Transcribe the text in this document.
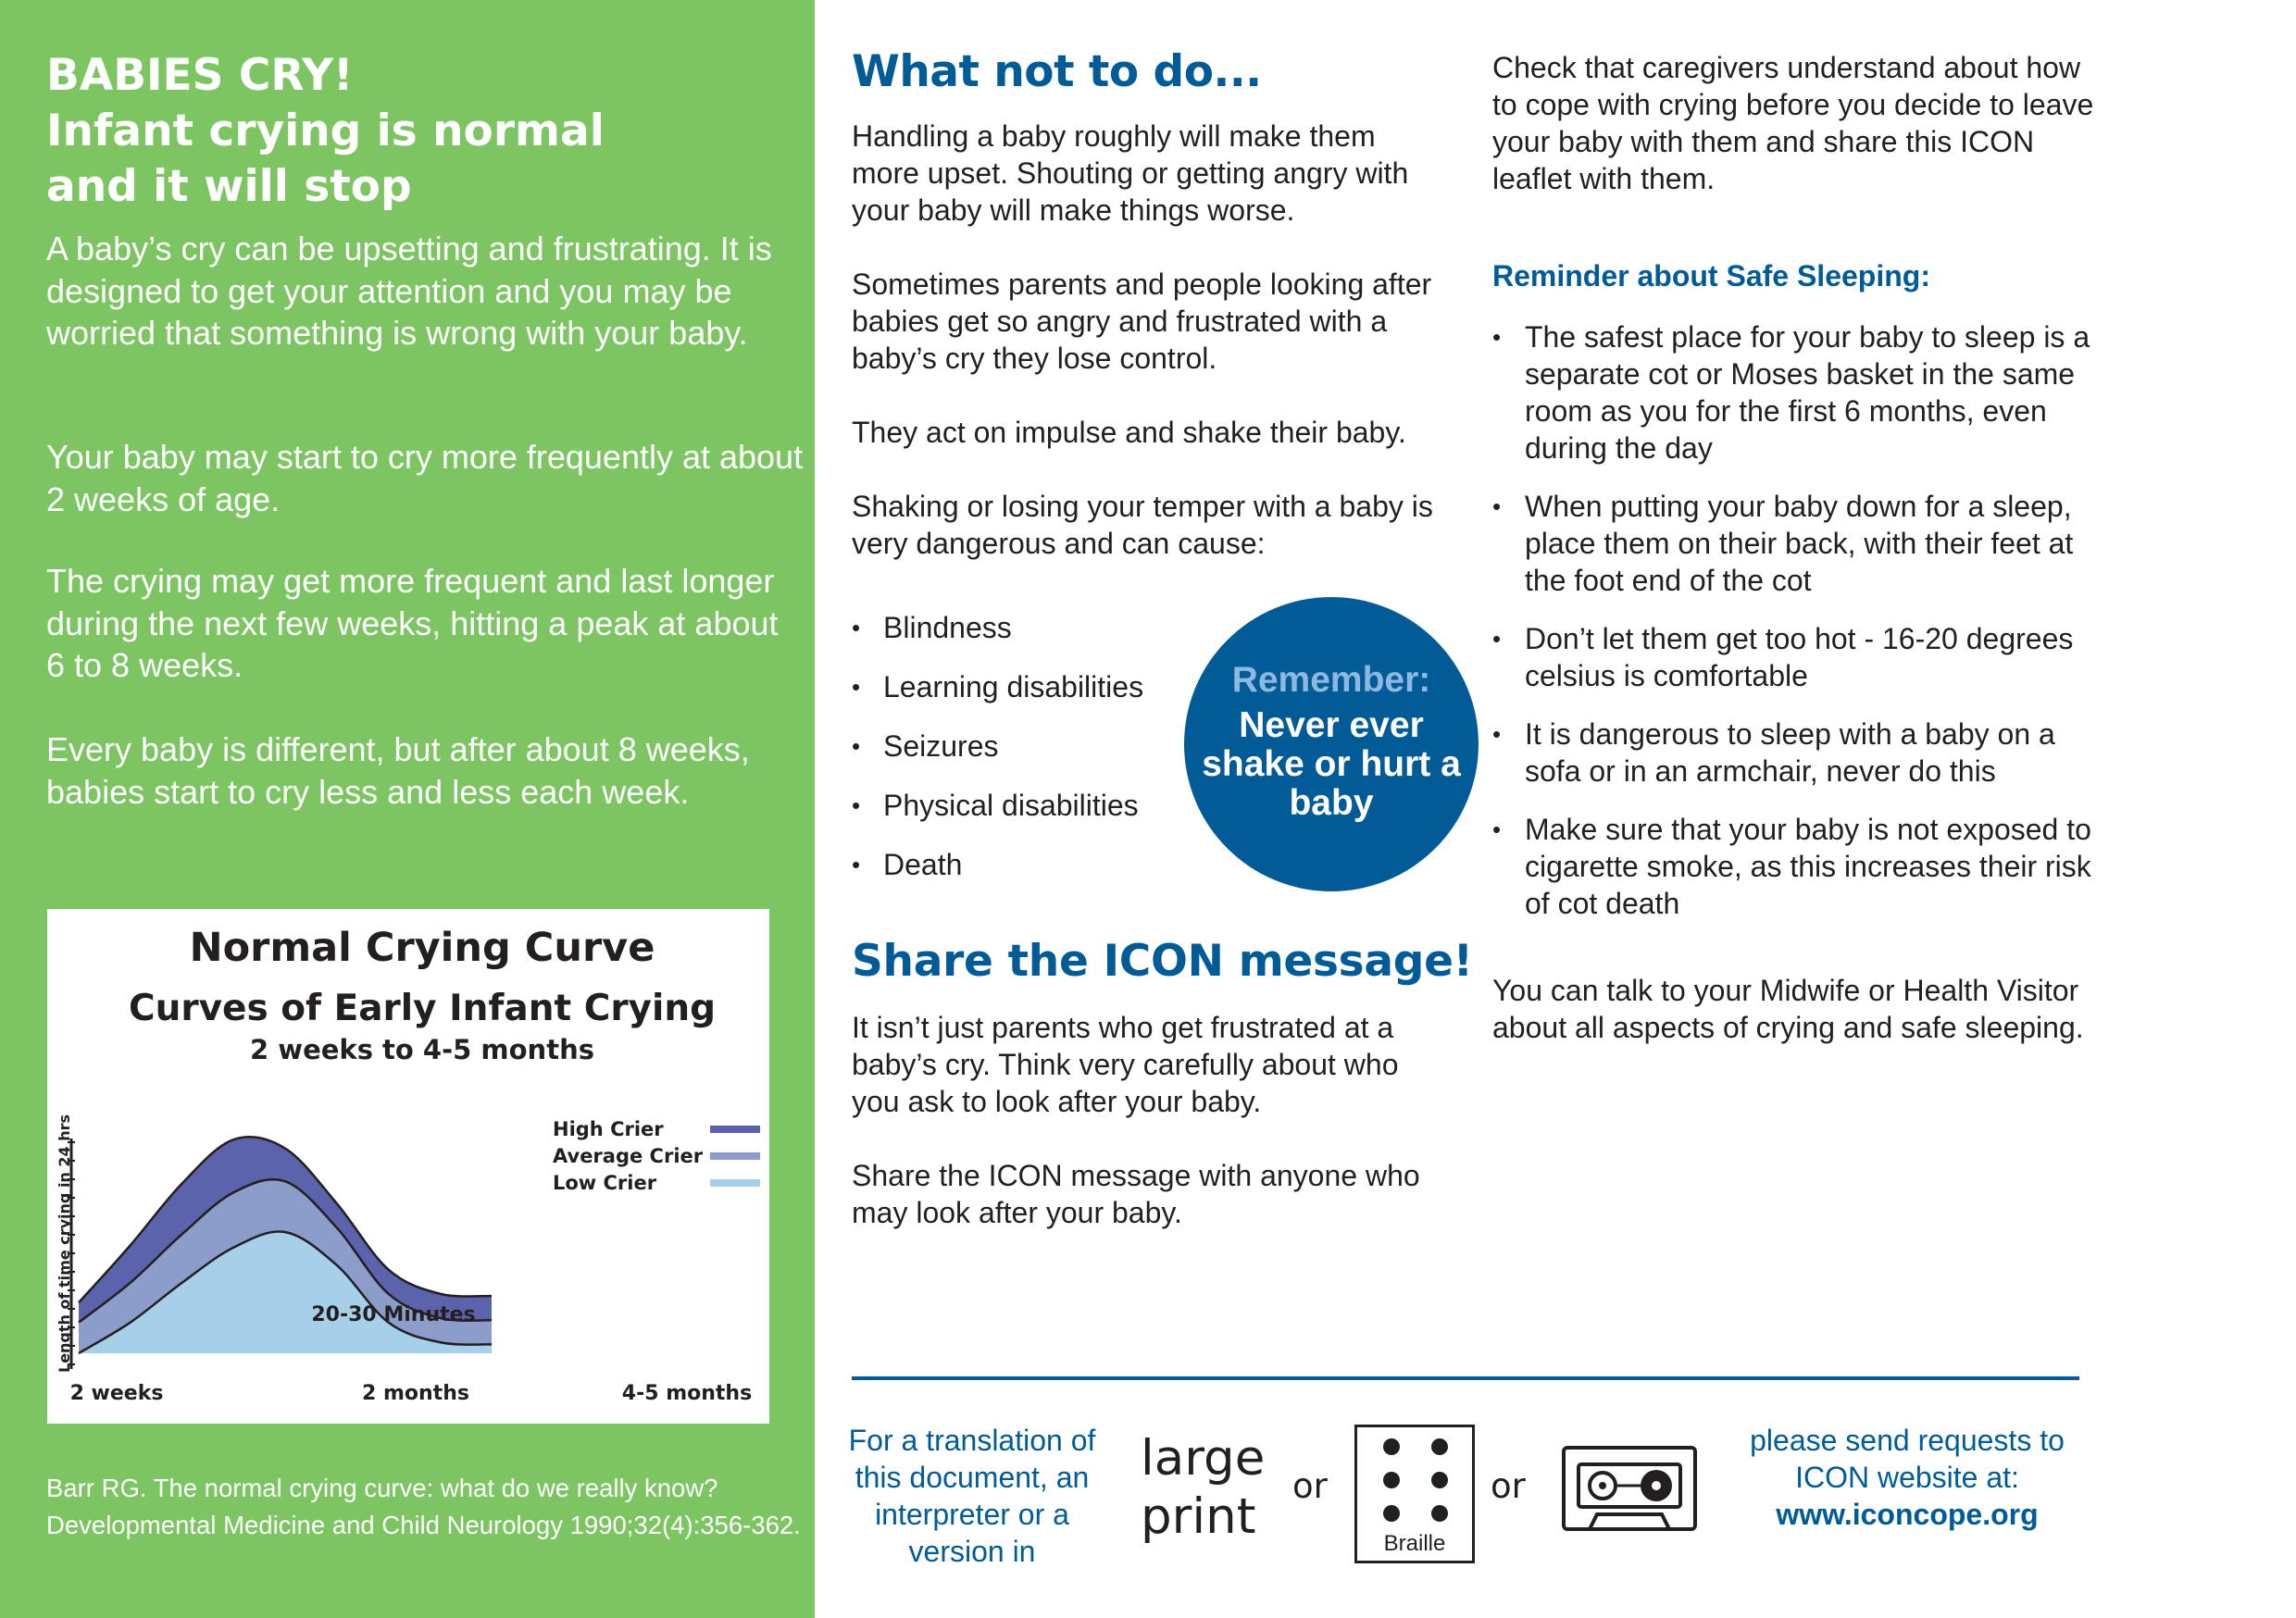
BABIES CRY!
Infant crying is normal
and it will stop

A baby’s cry can be upsetting and frustrating. It is designed to get your attention and you may be worried that something is wrong with your baby.

Your baby may start to cry more frequently at about 2 weeks of age.

The crying may get more frequent and last longer during the next few weeks, hitting a peak at about 6 to 8 weeks.

Every baby is different, but after about 8 weeks, babies start to cry less and less each week.

Normal Crying Curve
Curves of Early Infant Crying
2 weeks to 4-5 months
Length of time crying in 24 hrs
2 weeks	2 months	4-5 months
5-6 Hours
20-30 Minutes
High Crier
Average Crier
Low Crier

Barr RG. The normal crying curve: what do we really know? Developmental Medicine and Child Neurology 1990;32(4):356-362.

What not to do...

Handling a baby roughly will make them more upset. Shouting or getting angry with your baby will make things worse.

Sometimes parents and people looking after babies get so angry and frustrated with a baby’s cry they lose control.

They act on impulse and shake their baby.

Shaking or losing your temper with a baby is very dangerous and can cause:

• Blindness
• Learning disabilities
• Seizures
• Physical disabilities
• Death
Remember:
Never ever shake or hurt a baby
Share the ICON message!

It isn’t just parents who get frustrated at a baby’s cry. Think very carefully about who you ask to look after your baby.

Share the ICON message with anyone who may look after your baby.

Check that caregivers understand about how to cope with crying before you decide to leave your baby with them and share this ICON leaflet with them.

Reminder about Safe Sleeping:
• The safest place for your baby to sleep is a separate cot or Moses basket in the same room as you for the first 6 months, even during the day
• When putting your baby down for a sleep, place them on their back, with their feet at the foot end of the cot
• Don’t let them get too hot - 16-20 degrees celsius is comfortable
• It is dangerous to sleep with a baby on a sofa or in an armchair, never do this
• Make sure that your baby is not exposed to cigarette smoke, as this increases their risk of cot death

You can talk to your Midwife or Health Visitor about all aspects of crying and safe sleeping.

For a translation of this document, an interpreter or a version in

large print
or
Braille
or

please send requests to ICON website at:
www.iconcope.org
